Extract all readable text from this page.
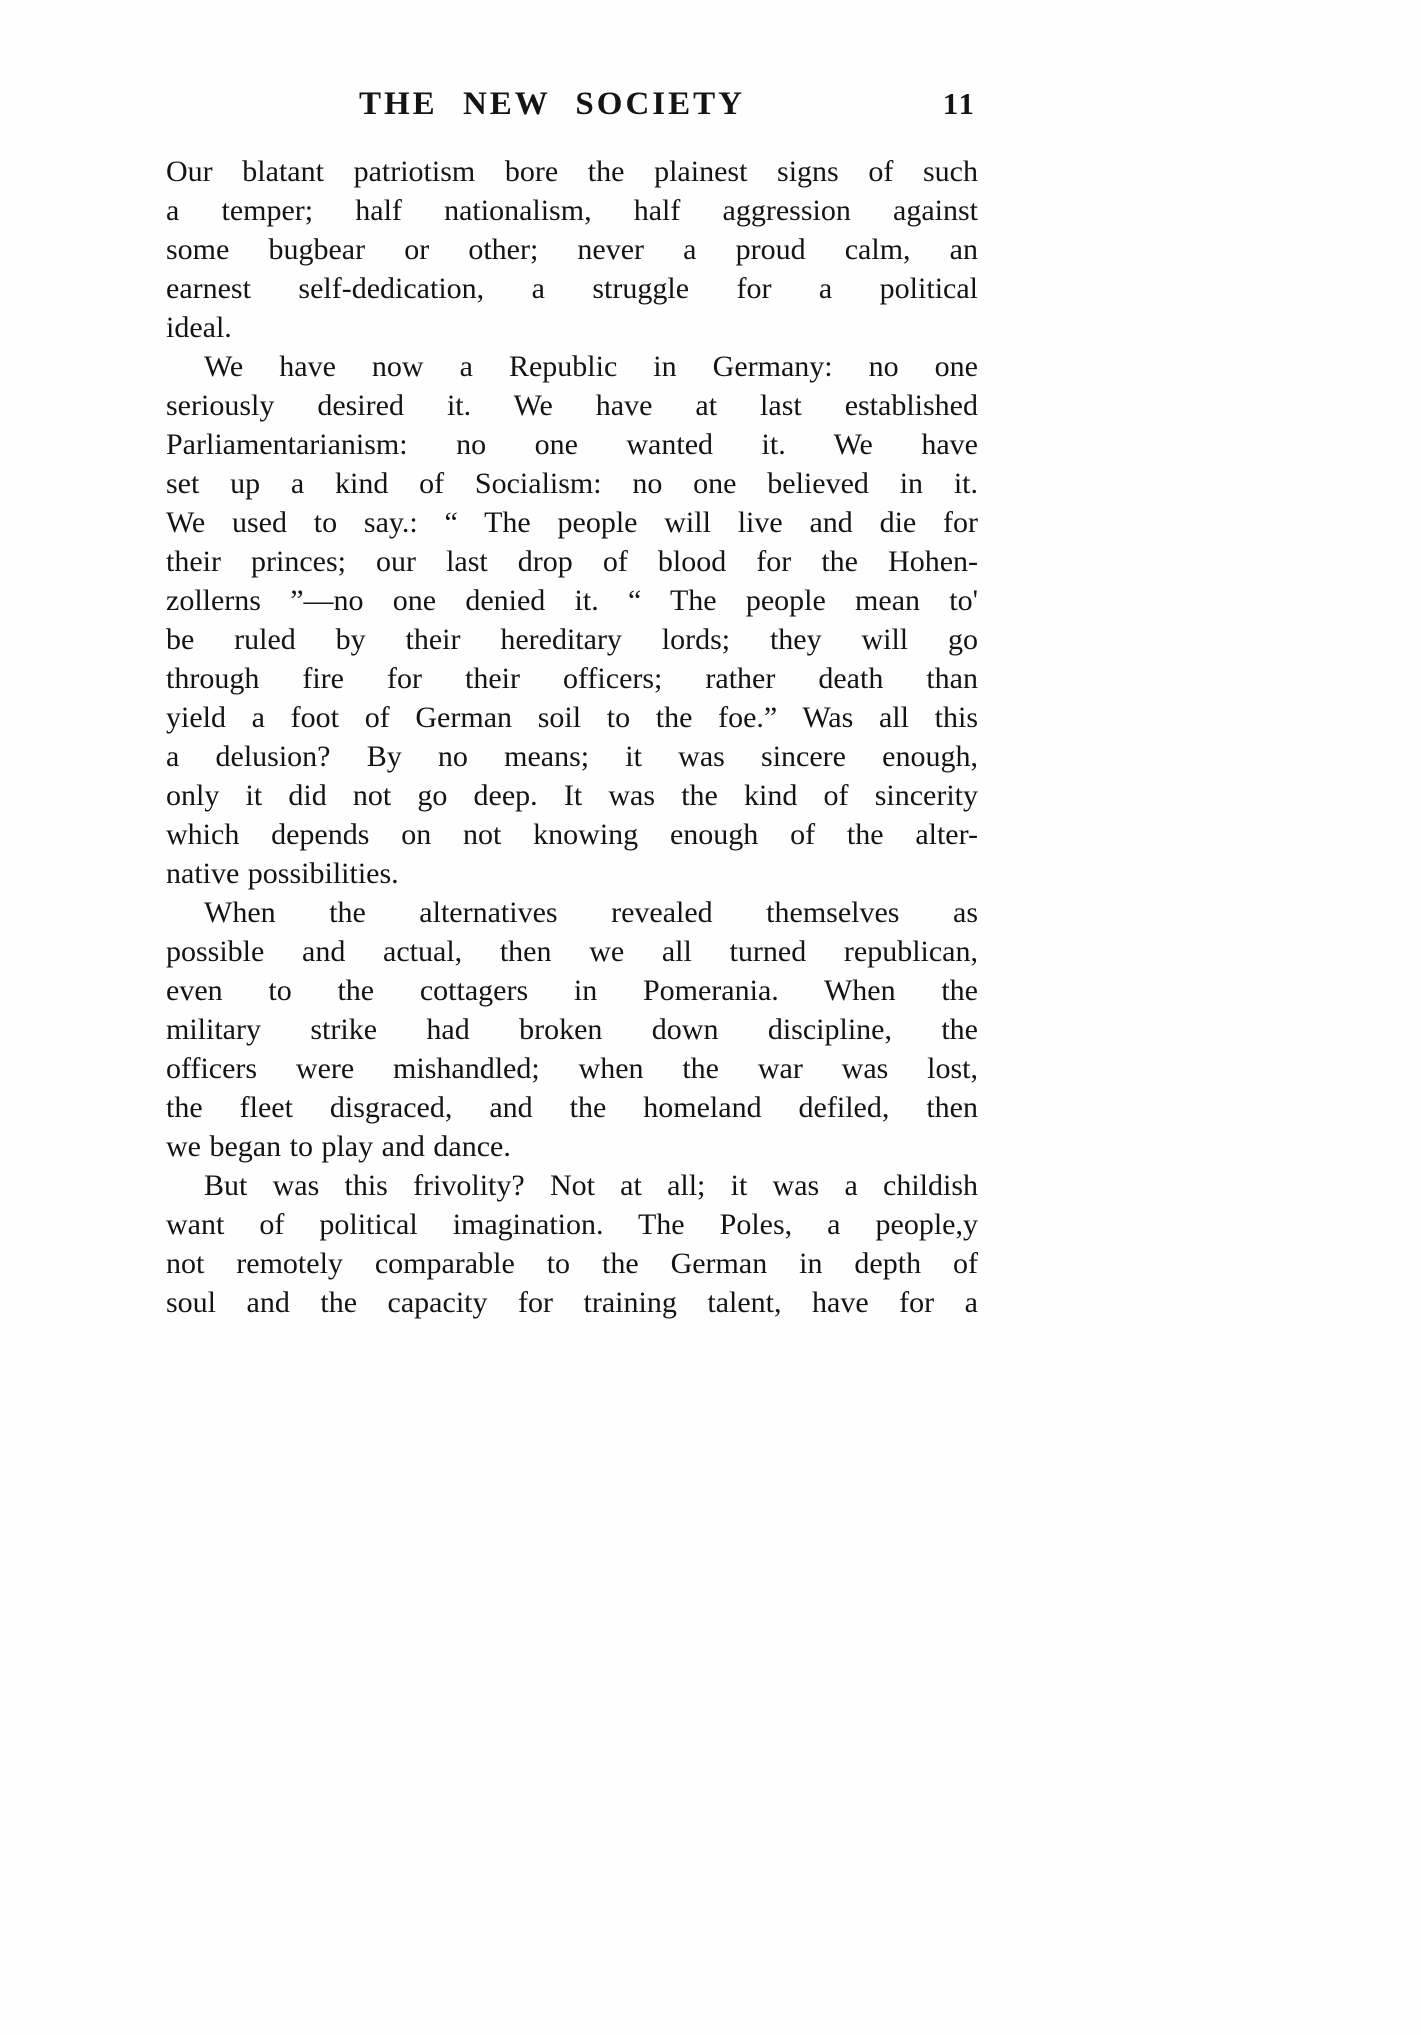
THE NEW SOCIETY	11
Our blatant patriotism bore the plainest signs of such
a temper; half nationalism, half aggression against
some bugbear or other; never a proud calm, an
earnest self-dedication, a struggle for a political
ideal.
We have now a Republic in Germany: no one
seriously desired it. We have at last established
Parliamentarianism: no one wanted it. We have
set up a kind of Socialism: no one believed in it.
We used to say.: “ The people will live and die for
their princes; our last drop of blood for the Hohen-
zollerns ”—no one denied it. “ The people mean to'
be ruled by their hereditary lords; they will go
through fire for their officers; rather death than
yield a foot of German soil to the foe.” Was all this
a delusion? By no means; it was sincere enough,
only it did not go deep. It was the kind of sincerity
which depends on not knowing enough of the alter-
native possibilities.
When the alternatives revealed themselves as
possible and actual, then we all turned republican,
even to the cottagers in Pomerania. When the
military strike had broken down discipline, the
officers were mishandled; when the war was lost,
the fleet disgraced, and the homeland defiled, then
we began to play and dance.
But was this frivolity? Not at all; it was a childish
want of political imagination. The Poles, a people,y
not remotely comparable to the German in depth of
soul and the capacity for training talent, have for a
